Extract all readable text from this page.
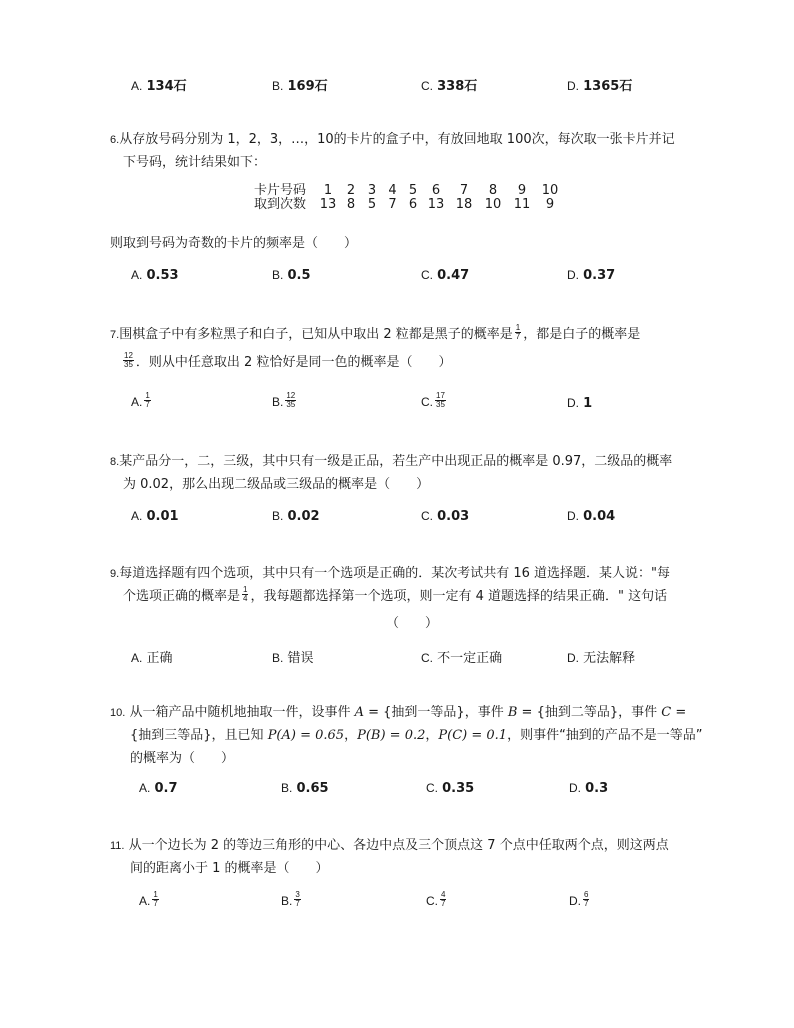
A. 134石	B. 169石	C. 338石	D. 1365石
6.从存放号码分别为 1，2，3，…，10的卡片的盒子中，有放回地取 100次，每次取一张卡片并记
下号码，统计结果如下：
卡片号码	1	2	3	4	5	6	7	8	9	10
取到次数	13	8	5	7	6	13	18	10	11	9
则取到号码为奇数的卡片的频率是（　　）
A. 0.53	B. 0.5	C. 0.47	D. 0.37
7.围棋盒子中有多粒黑子和白子，已知从中取出 2 粒都是黑子的概率是 $\frac{1}{7}$ ，都是白子的概率是
$\frac{12}{35}$ ．则从中任意取出 2 粒恰好是同一色的概率是（　　）
A. $\frac{1}{7}$	B. $\frac{12}{35}$	C. $\frac{17}{35}$	D. 1
8.某产品分一，二，三级，其中只有一级是正品，若生产中出现正品的概率是 0.97，二级品的概率
为 0.02，那么出现二级品或三级品的概率是（　　）
A. 0.01	B. 0.02	C. 0.03	D. 0.04
9.每道选择题有四个选项，其中只有一个选项是正确的．某次考试共有 16 道选择题．某人说："每
个选项正确的概率是 $\frac{1}{4}$ ，我每题都选择第一个选项，则一定有 4 道题选择的结果正确．" 这句话
（　　）
A. 正确	B. 错误	C. 不一定正确	D. 无法解释
10. 从一箱产品中随机地抽取一件，设事件 A = {抽到一等品}，事件 B = {抽到二等品}，事件 C =
{抽到三等品}，且已知 P(A) = 0.65，P(B) = 0.2，P(C) = 0.1，则事件“抽到的产品不是一等品”
的概率为（　　）
A. 0.7	B. 0.65	C. 0.35	D. 0.3
11. 从一个边长为 2 的等边三角形的中心、各边中点及三个顶点这 7 个点中任取两个点，则这两点
间的距离小于 1 的概率是（　　）
A. $\frac{1}{7}$	B. $\frac{3}{7}$	C. $\frac{4}{7}$	D. $\frac{6}{7}$
